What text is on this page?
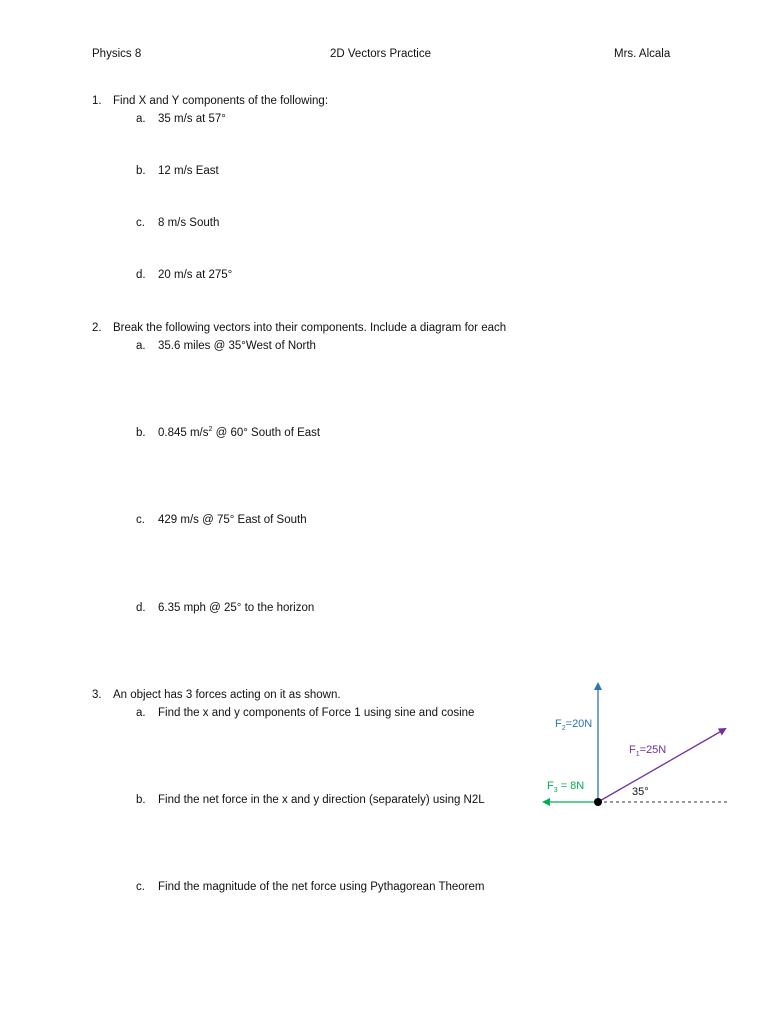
Physics 8	2D Vectors Practice	Mrs. Alcala
1. Find X and Y components of the following:
a. 35 m/s at 57°
b. 12 m/s East
c. 8 m/s South
d. 20 m/s at 275°
2. Break the following vectors into their components. Include a diagram for each
a. 35.6 miles @ 35°West of North
b. 0.845 $m/s^2$ @ 60° South of East
c. 429 m/s @ 75° East of South
d. 6.35 mph @ 25° to the horizon
3. An object has 3 forces acting on it as shown.
a. Find the x and y components of Force 1 using sine and cosine
b. Find the net force in the x and y direction (separately) using N2L
c. Find the magnitude of the net force using Pythagorean Theorem
$F_2=20N$
$F_1=25N$
$F_3 = 8N$	35°
